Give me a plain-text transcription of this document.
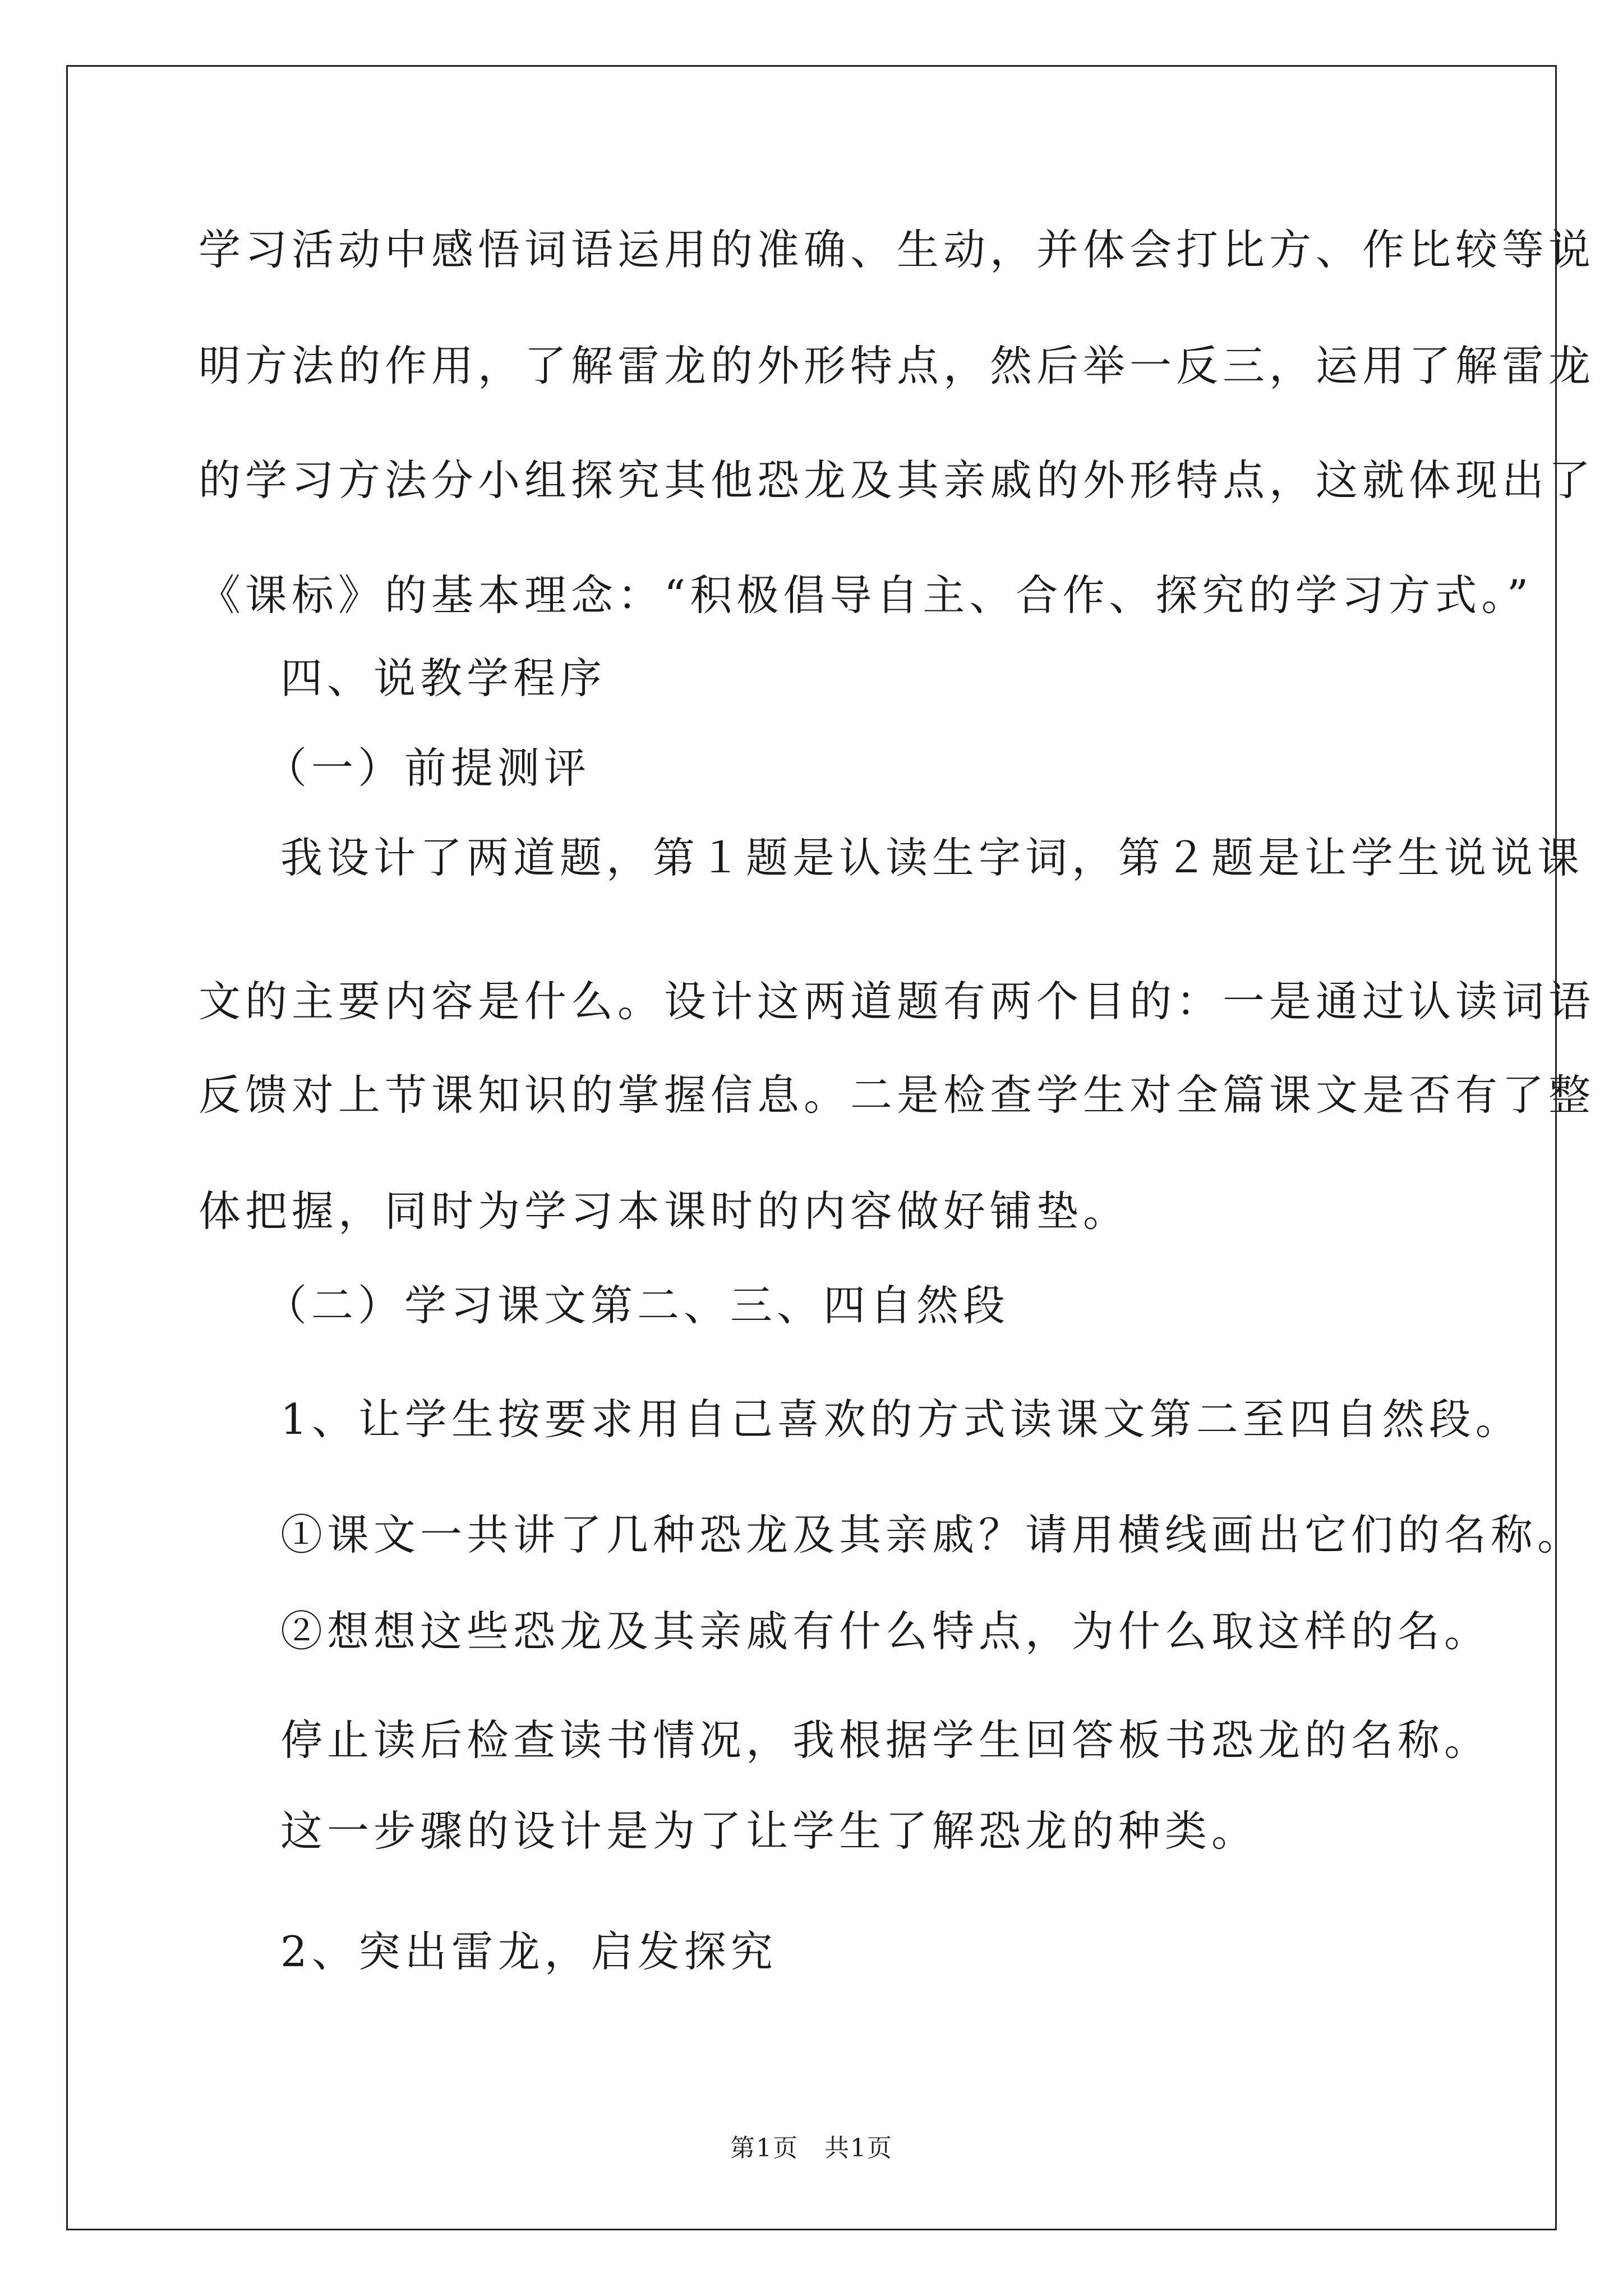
学习活动中感悟词语运用的准确、生动，并体会打比方、作比较等说
明方法的作用，了解雷龙的外形特点，然后举一反三，运用了解雷龙
的学习方法分小组探究其他恐龙及其亲戚的外形特点，这就体现出了
《课标》的基本理念：“积极倡导自主、合作、探究的学习方式。”
四、说教学程序
（一）前提测评
我设计了两道题，第１题是认读生字词，第２题是让学生说说课
文的主要内容是什么。设计这两道题有两个目的：一是通过认读词语
反馈对上节课知识的掌握信息。二是检查学生对全篇课文是否有了整
体把握，同时为学习本课时的内容做好铺垫。
（二）学习课文第二、三、四自然段
1、让学生按要求用自己喜欢的方式读课文第二至四自然段。
①课文一共讲了几种恐龙及其亲戚？请用横线画出它们的名称。
②想想这些恐龙及其亲戚有什么特点，为什么取这样的名。
停止读后检查读书情况，我根据学生回答板书恐龙的名称。
这一步骤的设计是为了让学生了解恐龙的种类。
2、突出雷龙，启发探究
第1页　共1页
